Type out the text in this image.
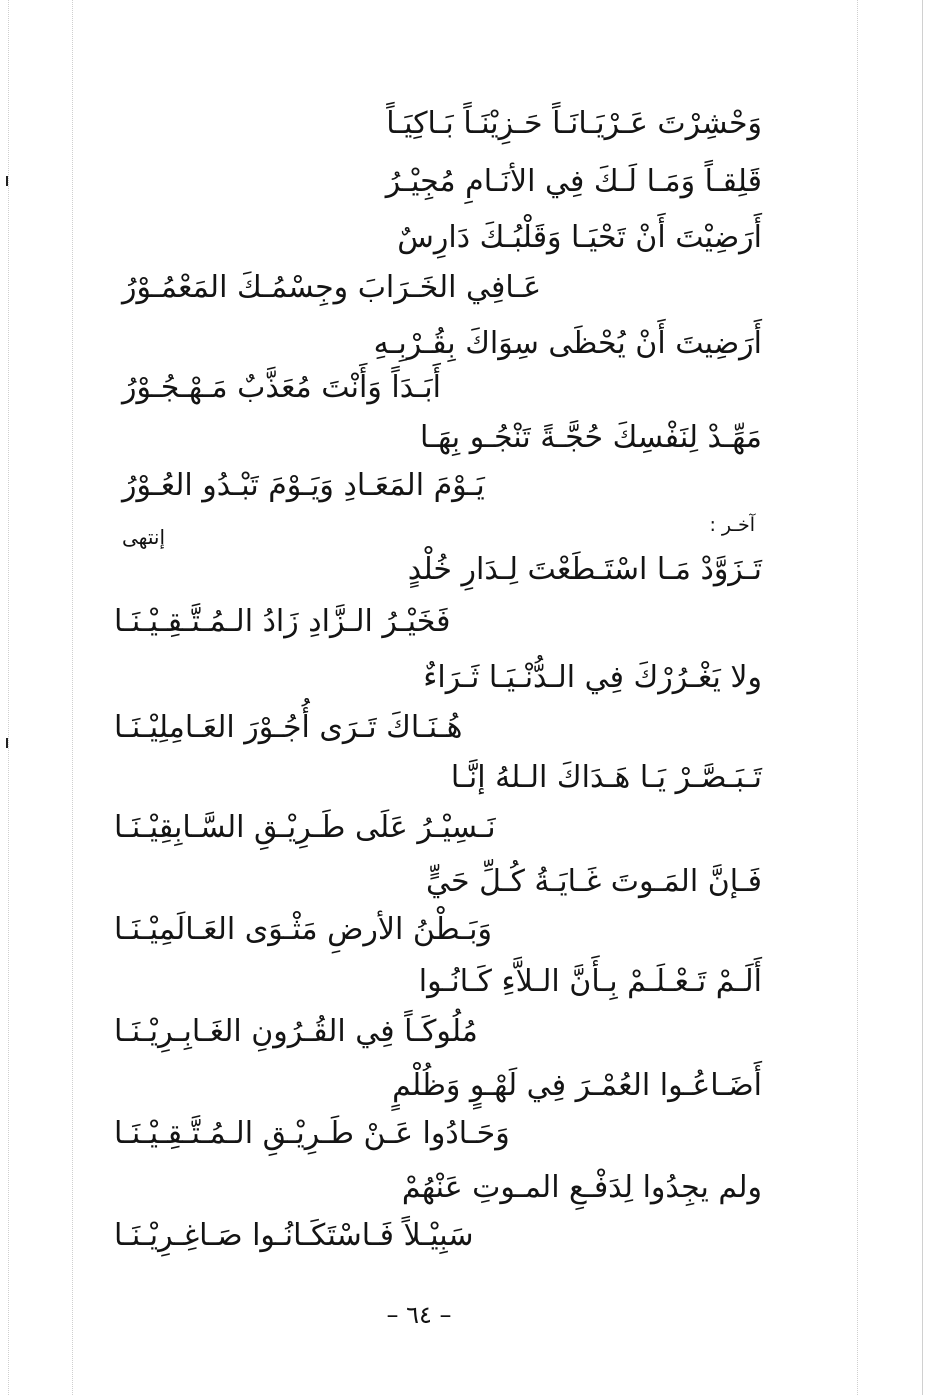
وَحْشِرْتَ عَـرْيَـانَـاً حَـزِيْنَـاً بَـاكِيَـاً
قَلِقـاً وَمَـا لَـكَ فِي الأنَـامِ مُجِيْـرُ
أَرَضِيْتَ أَنْ تَحْيَـا وَقَلْبُـكَ دَارِسٌ
عَـافِي الخَـرَابَ وجِسْمُـكَ المَعْمُـوْرُ
أَرَضِيتَ أَنْ يُحْظَى سِوَاكَ بِقُـرْبِـهِ
أَبَـدَاً وَأَنْتَ مُعَذَّبٌ مَـهْـجُـوْرُ
مَهِّـدْ لِنَفْسِكَ حُجَّـةً تَنْجُـو بِهَـا
يَـوْمَ المَعَـادِ وَيَـوْمَ تَبْـدُو العُـوْرُ
آخـر :
إنتهى
تَـزَوَّدْ مَـا اسْتَـطَعْتَ لِـدَارِ خُلْدٍ
فَخَيْـرُ الـزَّادِ زَادُ الـمُـتَّـقِـيْـنَـا
ولا يَغْـرُرْكَ فِي الـدُّنْـيَـا ثَـرَاءٌ
هُـنَـاكَ تَـرَى أُجُـوْرَ العَـامِلِيْـنَـا
تَـبَـصَّـرْ يَـا هَـدَاكَ الـلهُ إنَّـا
نَـسِيْـرُ عَلَى طَـرِيْـقِ السَّـابِقِيْـنَـا
فَـإنَّ المَـوتَ غَـايَـةُ كُـلِّ حَيٍّ
وَبَـطْنُ الأرضِ مَثْـوَى العَـالَمِيْـنَـا
أَلَـمْ تَـعْـلَـمْ بِـأَنَّ الـلاَّءِ كَـانُـوا
مُلُوكَـاً فِي القُـرُونِ الغَـابِـرِيْـنَـا
أَضَـاعُـوا العُمْـرَ فِي لَهْـوٍ وَظُلْمٍ
وَحَـادُوا عَـنْ طَـرِيْـقِ الـمُـتَّـقِـيْـنَـا
ولم يجِدُوا لِدَفْـعِ المـوتِ عَنْهُمْ
سَبِيْـلاً فَـاسْتَكَـانُـوا صَـاغِـرِيْـنَـا
– ٦٤ –
